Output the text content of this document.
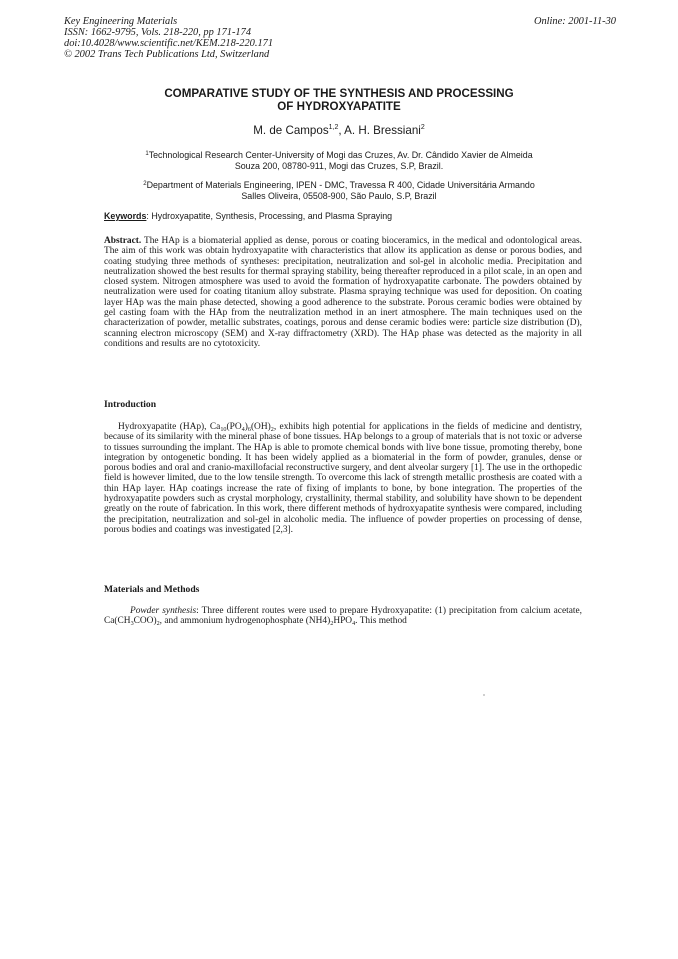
Key Engineering Materials
ISSN: 1662-9795, Vols. 218-220, pp 171-174
doi:10.4028/www.scientific.net/KEM.218-220.171
© 2002 Trans Tech Publications Ltd, Switzerland
Online: 2001-11-30
COMPARATIVE STUDY OF THE SYNTHESIS AND PROCESSING
OF HYDROXYAPATITE
M. de Campos$^{1,2}$, A. H. Bressiani$^2$
$^1$Technological Research Center-University of Mogi das Cruzes, Av. Dr. Cândido Xavier de Almeida
Souza 200, 08780-911, Mogi das Cruzes, S.P, Brazil.
$^2$Department of Materials Engineering, IPEN - DMC, Travessa R 400, Cidade Universitária Armando
Salles Oliveira, 05508-900, São Paulo, S.P, Brazil
Keywords: Hydroxyapatite, Synthesis, Processing, and Plasma Spraying
Abstract. The HAp is a biomaterial applied as dense, porous or coating bioceramics, in the medical and odontological areas. The aim of this work was obtain hydroxyapatite with characteristics that allow its application as dense or porous bodies, and coating studying three methods of syntheses: precipitation, neutralization and sol-gel in alcoholic media. Precipitation and neutralization showed the best results for thermal spraying stability, being thereafter reproduced in a pilot scale, in an open and closed system. Nitrogen atmosphere was used to avoid the formation of hydroxyapatite carbonate. The powders obtained by neutralization were used for coating titanium alloy substrate. Plasma spraying technique was used for deposition. On coating layer HAp was the main phase detected, showing a good adherence to the substrate. Porous ceramic bodies were obtained by gel casting foam with the HAp from the neutralization method in an inert atmosphere. The main techniques used on the characterization of powder, metallic substrates, coatings, porous and dense ceramic bodies were: particle size distribution (D), scanning electron microscopy (SEM) and X-ray diffractometry (XRD). The HAp phase was detected as the majority in all conditions and results are no cytotoxicity.
Introduction
Hydroxyapatite (HAp), $Ca_{10}(PO_4)_6(OH)_2$, exhibits high potential for applications in the fields of medicine and dentistry, because of its similarity with the mineral phase of bone tissues. HAp belongs to a group of materials that is not toxic or adverse to tissues surrounding the implant. The HAp is able to promote chemical bonds with live bone tissue, promoting thereby, bone integration by ontogenetic bonding. It has been widely applied as a biomaterial in the form of powder, granules, dense or porous bodies and oral and cranio-maxillofacial reconstructive surgery, and dent alveolar surgery [1]. The use in the orthopedic field is however limited, due to the low tensile strength. To overcome this lack of strength metallic prosthesis are coated with a thin HAp layer. HAp coatings increase the rate of fixing of implants to bone, by bone integration. The properties of the hydroxyapatite powders such as crystal morphology, crystallinity, thermal stability, and solubility have shown to be dependent greatly on the route of fabrication. In this work, there different methods of hydroxyapatite synthesis were compared, including the precipitation, neutralization and sol-gel in alcoholic media. The influence of powder properties on processing of dense, porous bodies and coatings was investigated [2,3].
Materials and Methods
Powder synthesis: Three different routes were used to prepare Hydroxyapatite: (1) precipitation from calcium acetate, $Ca(CH_3COO)_2$, and ammonium hydrogenophosphate $(NH4)_2HPO_4$. This method
